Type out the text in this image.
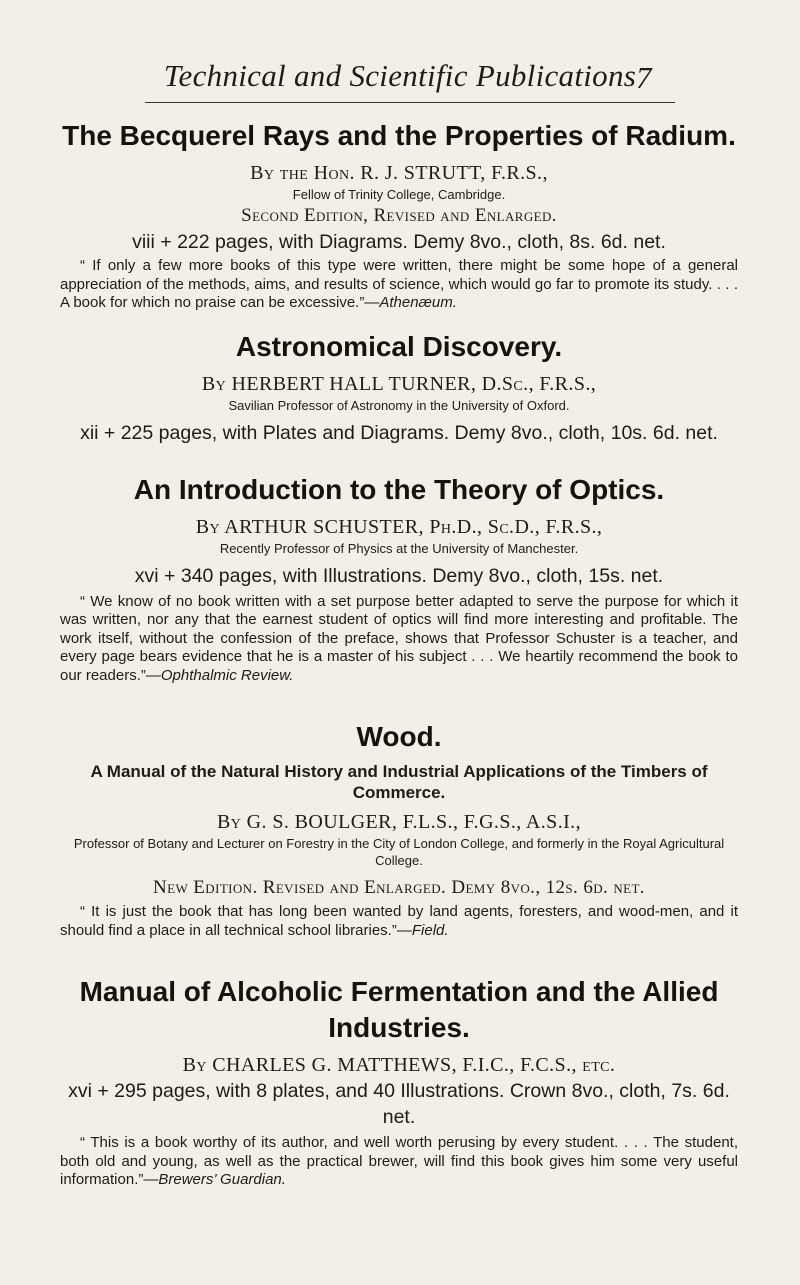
Technical and Scientific Publications 7
The Becquerel Rays and the Properties of Radium.
By the Hon. R. J. STRUTT, F.R.S.,
Fellow of Trinity College, Cambridge.
Second Edition, Revised and Enlarged.
viii + 222 pages, with Diagrams. Demy 8vo., cloth, 8s. 6d. net.
“ If only a few more books of this type were written, there might be some hope of a general appreciation of the methods, aims, and results of science, which would go far to promote its study. . . . A book for which no praise can be excessive.”—Athenæum.
Astronomical Discovery.
By HERBERT HALL TURNER, D.Sc., F.R.S.,
Savilian Professor of Astronomy in the University of Oxford.
xii + 225 pages, with Plates and Diagrams. Demy 8vo., cloth, 10s. 6d. net.
An Introduction to the Theory of Optics.
By ARTHUR SCHUSTER, Ph.D., Sc.D., F.R.S.,
Recently Professor of Physics at the University of Manchester.
xvi + 340 pages, with Illustrations. Demy 8vo., cloth, 15s. net.
“ We know of no book written with a set purpose better adapted to serve the purpose for which it was written, nor any that the earnest student of optics will find more interesting and profitable. The work itself, without the confession of the preface, shows that Professor Schuster is a teacher, and every page bears evidence that he is a master of his subject . . . We heartily recommend the book to our readers.”—Ophthalmic Review.
Wood.
A Manual of the Natural History and Industrial Applications of the Timbers of Commerce.
By G. S. BOULGER, F.L.S., F.G.S., A.S.I.,
Professor of Botany and Lecturer on Forestry in the City of London College, and formerly in the Royal Agricultural College.
New Edition. Revised and Enlarged. Demy 8vo., 12s. 6d. net.
“ It is just the book that has long been wanted by land agents, foresters, and wood-men, and it should find a place in all technical school libraries.”—Field.
Manual of Alcoholic Fermentation and the Allied Industries.
By CHARLES G. MATTHEWS, F.I.C., F.C.S., etc.
xvi + 295 pages, with 8 plates, and 40 Illustrations. Crown 8vo., cloth, 7s. 6d. net.
“ This is a book worthy of its author, and well worth perusing by every student. . . . The student, both old and young, as well as the practical brewer, will find this book gives him some very useful information.”—Brewers’ Guardian.
